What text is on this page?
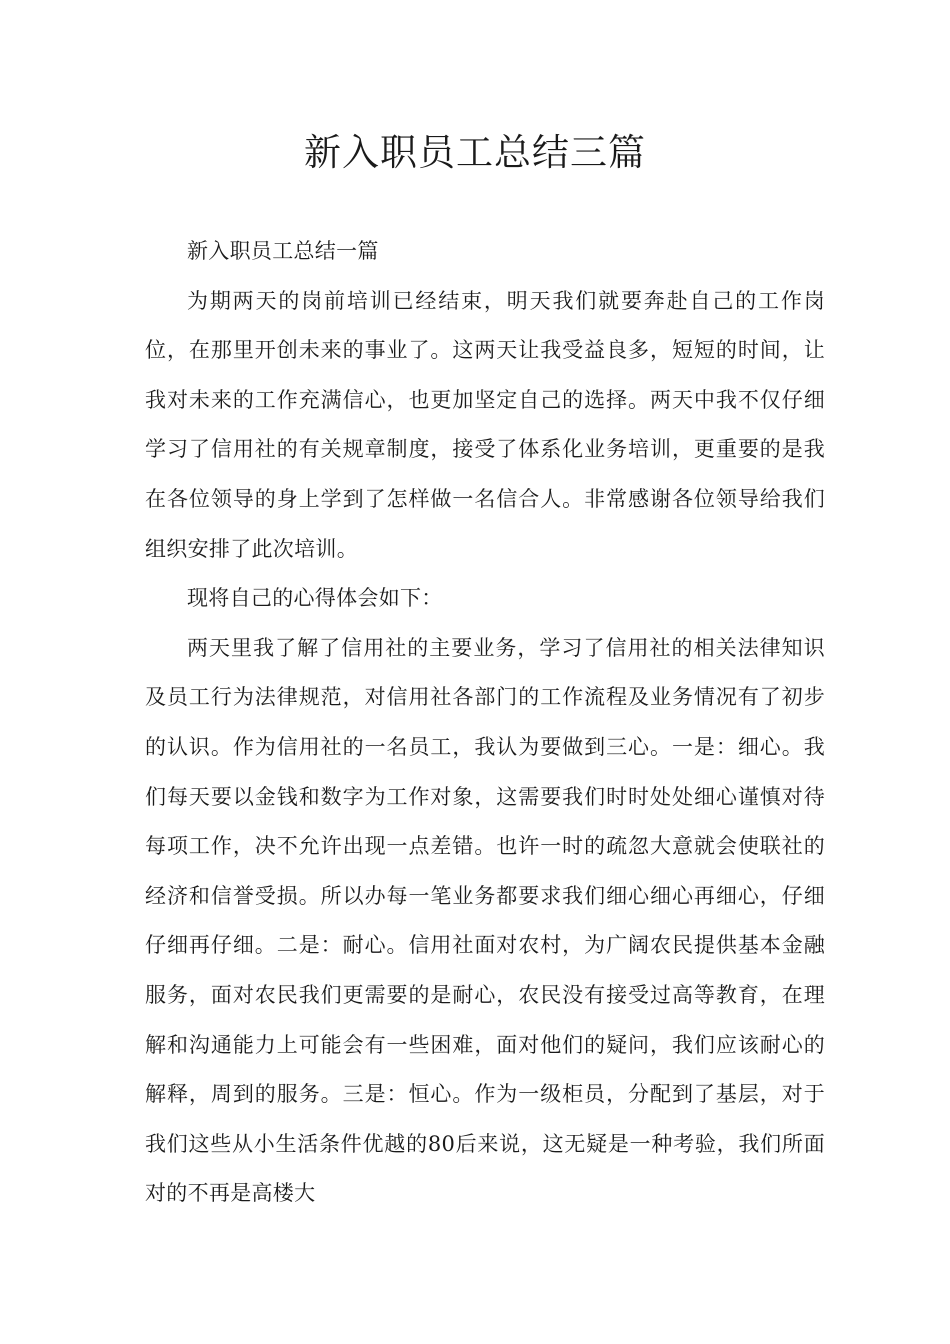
新入职员工总结三篇

新入职员工总结一篇

为期两天的岗前培训已经结束，明天我们就要奔赴自己的工作岗位，在那里开创未来的事业了。这两天让我受益良多，短短的时间，让我对未来的工作充满信心，也更加坚定自己的选择。两天中我不仅仔细学习了信用社的有关规章制度，接受了体系化业务培训，更重要的是我在各位领导的身上学到了怎样做一名信合人。非常感谢各位领导给我们组织安排了此次培训。

现将自己的心得体会如下：

两天里我了解了信用社的主要业务，学习了信用社的相关法律知识及员工行为法律规范，对信用社各部门的工作流程及业务情况有了初步的认识。作为信用社的一名员工，我认为要做到三心。一是：细心。我们每天要以金钱和数字为工作对象，这需要我们时时处处细心谨慎对待每项工作，决不允许出现一点差错。也许一时的疏忽大意就会使联社的经济和信誉受损。所以办每一笔业务都要求我们细心细心再细心，仔细仔细再仔细。二是：耐心。信用社面对农村，为广阔农民提供基本金融服务，面对农民我们更需要的是耐心，农民没有接受过高等教育，在理解和沟通能力上可能会有一些困难，面对他们的疑问，我们应该耐心的解释，周到的服务。三是：恒心。作为一级柜员，分配到了基层，对于我们这些从小生活条件优越的80后来说，这无疑是一种考验，我们所面对的不再是高楼大
